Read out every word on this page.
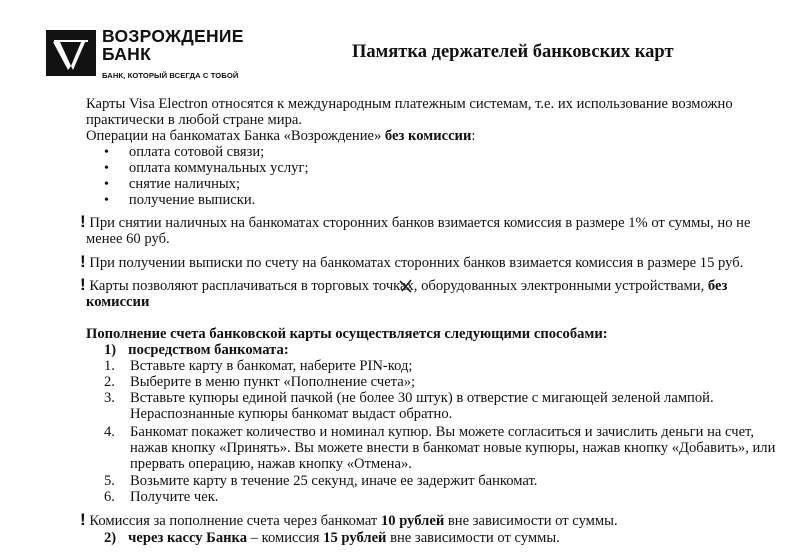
ВОЗРОЖДЕНИЕ
БАНК
БАНК, КОТОРЫЙ ВСЕГДА С ТОБОЙ
Памятка держателей банковских карт
Карты Visa Electron относятся к международным платежным системам, т.е. их использование возможно
практически в любой стране мира.
Операции на банкоматах Банка «Возрождение» без комиссии:
• оплата сотовой связи;
• оплата коммунальных услуг;
• снятие наличных;
• получение выписки.
! При снятии наличных на банкоматах сторонних банков взимается комиссия в размере 1% от суммы, но не
менее 60 руб.
! При получении выписки по счету на банкоматах сторонних банков взимается комиссия в размере 15 руб.
! Карты позволяют расплачиваться в торговых точках, оборудованных электронными устройствами, без
комиссии
Пополнение счета банковской карты осуществляется следующими способами:
1) посредством банкомата:
1. Вставьте карту в банкомат, наберите PIN-код;
2. Выберите в меню пункт «Пополнение счета»;
3. Вставьте купюры единой пачкой (не более 30 штук) в отверстие с мигающей зеленой лампой.
Нераспознанные купюры банкомат выдаст обратно.
4. Банкомат покажет количество и номинал купюр. Вы можете согласиться и зачислить деньги на счет,
нажав кнопку «Принять». Вы можете внести в банкомат новые купюры, нажав кнопку «Добавить», или
прервать операцию, нажав кнопку «Отмена».
5. Возьмите карту в течение 25 секунд, иначе ее задержит банкомат.
6. Получите чек.
! Комиссия за пополнение счета через банкомат 10 рублей вне зависимости от суммы.
2) через кассу Банка – комиссия 15 рублей вне зависимости от суммы.
